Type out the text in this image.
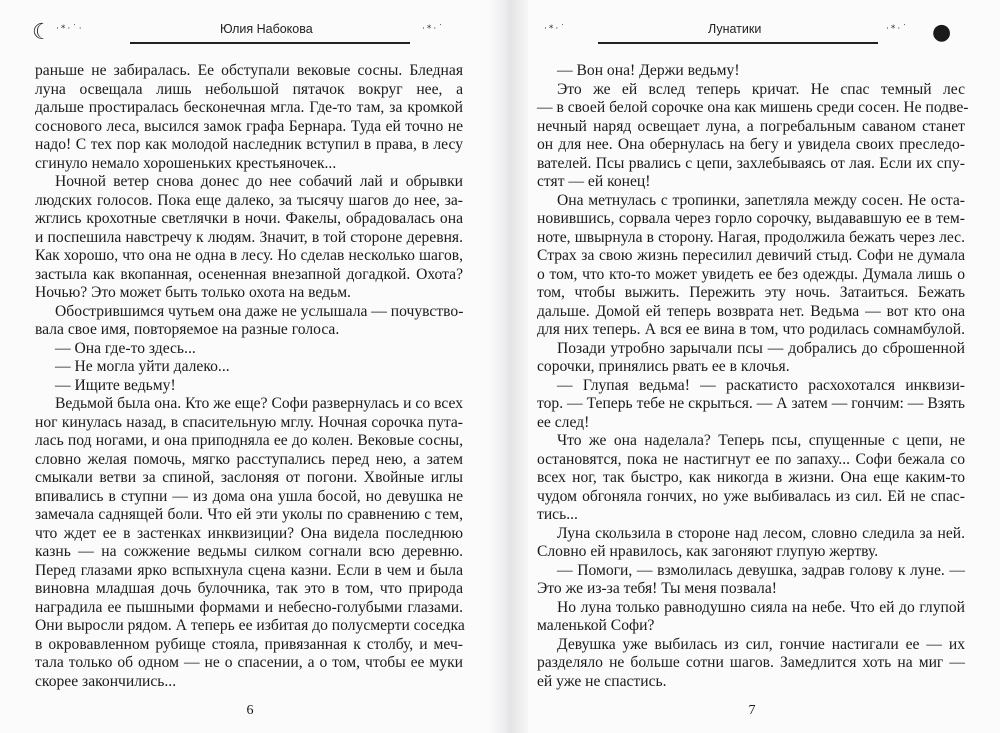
☾ ·*·˙·	Юлия Набокова	·*·˙
раньше не забиралась. Ее обступали вековые сосны. Бледная
луна освещала лишь небольшой пятачок вокруг нее, а
дальше простиралась бесконечная мгла. Где-то там, за кромкой
соснового леса, высился замок графа Бернара. Туда ей точно не
надо! С тех пор как молодой наследник вступил в права, в лесу
сгинуло немало хорошеньких крестьяночек...
Ночной ветер снова донес до нее собачий лай и обрывки
людских голосов. Пока еще далеко, за тысячу шагов до нее, за-
жглись крохотные светлячки в ночи. Факелы, обрадовалась она
и поспешила навстречу к людям. Значит, в той стороне деревня.
Как хорошо, что она не одна в лесу. Но сделав несколько шагов,
застыла как вкопанная, осененная внезапной догадкой. Охота?
Ночью? Это может быть только охота на ведьм.
Обострившимся чутьем она даже не услышала — почувство-
вала свое имя, повторяемое на разные голоса.
— Она где-то здесь...
— Не могла уйти далеко...
— Ищите ведьму!
Ведьмой была она. Кто же еще? Софи развернулась и со всех
ног кинулась назад, в спасительную мглу. Ночная сорочка пута-
лась под ногами, и она приподняла ее до колен. Вековые сосны,
словно желая помочь, мягко расступались перед нею, а затем
смыкали ветви за спиной, заслоняя от погони. Хвойные иглы
впивались в ступни — из дома она ушла босой, но девушка не
замечала саднящей боли. Что ей эти уколы по сравнению с тем,
что ждет ее в застенках инквизиции? Она видела последнюю
казнь — на сожжение ведьмы силком согнали всю деревню.
Перед глазами ярко вспыхнула сцена казни. Если в чем и была
виновна младшая дочь булочника, так это в том, что природа
наградила ее пышными формами и небесно-голубыми глазами.
Они выросли рядом. А теперь ее избитая до полусмерти соседка
в окровавленном рубище стояла, привязанная к столбу, и меч-
тала только об одном — не о спасении, а о том, чтобы ее муки
скорее закончились...
6
·*·˙	Лунатики	·*·˙ ●
— Вон она! Держи ведьму!
Это же ей вслед теперь кричат. Не спас темный лес
— в своей белой сорочке она как мишень среди сосен. Не подве-
нечный наряд освещает луна, а погребальным саваном станет
он для нее. Она обернулась на бегу и увидела своих преследо-
вателей. Псы рвались с цепи, захлебываясь от лая. Если их спу-
стят — ей конец!
Она метнулась с тропинки, запетляла между сосен. Не оста-
новившись, сорвала через горло сорочку, выдававшую ее в тем-
ноте, швырнула в сторону. Нагая, продолжила бежать через лес.
Страх за свою жизнь пересилил девичий стыд. Софи не думала
о том, что кто-то может увидеть ее без одежды. Думала лишь о
том, чтобы выжить. Пережить эту ночь. Затаиться. Бежать
дальше. Домой ей теперь возврата нет. Ведьма — вот кто она
для них теперь. А вся ее вина в том, что родилась сомнамбулой.
Позади утробно зарычали псы — добрались до сброшенной
сорочки, принялись рвать ее в клочья.
— Глупая ведьма! — раскатисто расхохотался инквизи-
тор. — Теперь тебе не скрыться. — А затем — гончим: — Взять
ее след!
Что же она наделала? Теперь псы, спущенные с цепи, не
остановятся, пока не настигнут ее по запаху... Софи бежала со
всех ног, так быстро, как никогда в жизни. Она еще каким-то
чудом обгоняла гончих, но уже выбивалась из сил. Ей не спас-
тись...
Луна скользила в стороне над лесом, словно следила за ней.
Словно ей нравилось, как загоняют глупую жертву.
— Помоги, — взмолилась девушка, задрав голову к луне. —
Это же из-за тебя! Ты меня позвала!
Но луна только равнодушно сияла на небе. Что ей до глупой
маленькой Софи?
Девушка уже выбилась из сил, гончие настигали ее — их
разделяло не больше сотни шагов. Замедлится хоть на миг —
ей уже не спастись.
7
